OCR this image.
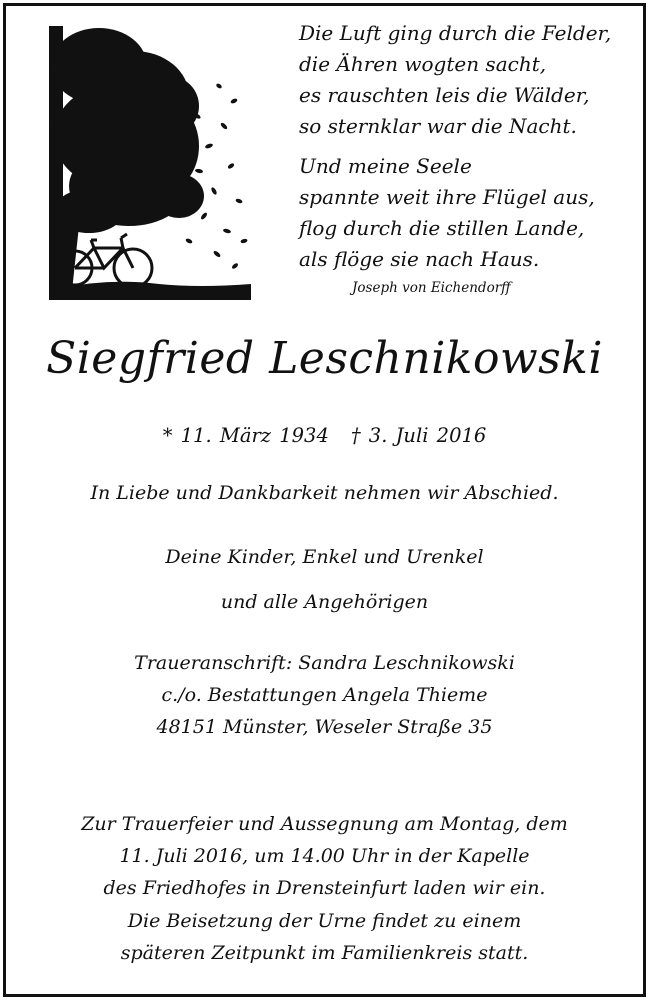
Die Luft ging durch die Felder,

die Ähren wogten sacht,

es rauschten leis die Wälder,

so sternklar war die Nacht.

Und meine Seele

spannte weit ihre Flügel aus,

flog durch die stillen Lande,

als flöge sie nach Haus.

Joseph von Eichendorff
Siegfried Leschnikowski
* 11. März 1934 † 3. Juli 2016
In Liebe und Dankbarkeit nehmen wir Abschied.
Deine Kinder, Enkel und Urenkel
und alle Angehörigen
Traueranschrift: Sandra Leschnikowski
c./o. Bestattungen Angela Thieme
48151 Münster, Weseler Straße 35
Zur Trauerfeier und Aussegnung am Montag, dem
11. Juli 2016, um 14.00 Uhr in der Kapelle
des Friedhofes in Drensteinfurt laden wir ein.
Die Beisetzung der Urne findet zu einem
späteren Zeitpunkt im Familienkreis statt.
